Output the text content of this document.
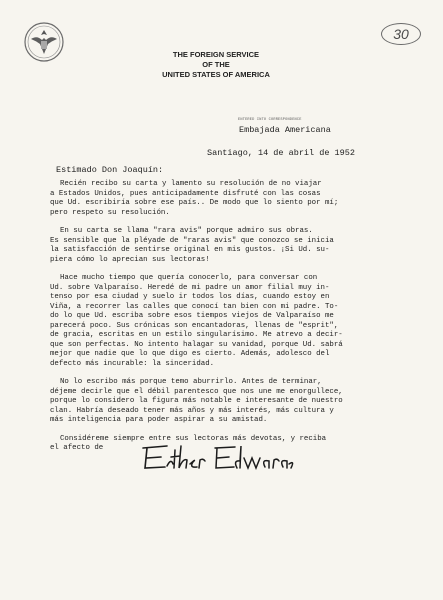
30
THE FOREIGN SERVICE
OF THE
UNITED STATES OF AMERICA
ENTERED INTO CORRESPONDENCE
Embajada Americana
Santiago, 14 de abril de 1952
Estimado Don Joaquín:

Recién recibo su carta y lamento su resolución de no viajar
a Estados Unidos, pues anticipadamente disfruté con las cosas
que Ud. escribiría sobre ese país.. De modo que lo siento por mí;
pero respeto su resolución.

En su carta se llama "rara avis" porque admiro sus obras.
Es sensible que la pléyade de "raras avis" que conozco se inicia
la satisfacción de sentirse original en mis gustos. ¡Si Ud. su-
piera cómo lo aprecian sus lectoras!

Hace mucho tiempo que quería conocerlo, para conversar con
Ud. sobre Valparaíso. Heredé de mi padre un amor filial muy in-
tenso por esa ciudad y suelo ir todos los días, cuando estoy en
Viña, a recorrer las calles que conocí tan bien con mi padre. To-
do lo que Ud. escriba sobre esos tiempos viejos de Valparaíso me
parecerá poco. Sus crónicas son encantadoras, llenas de "esprit",
de gracia, escritas en un estilo singularísimo. Me atrevo a decir-
que son perfectas. No intento halagar su vanidad, porque Ud. sabrá
mejor que nadie que lo que digo es cierto. Además, adolesco del
defecto más incurable: la sinceridad.

No lo escribo más porque temo aburrirlo. Antes de terminar,
déjeme decirle que el débil parentesco que nos une me enorgullece,
porque lo considero la figura más notable e interesante de nuestro
clan. Habría deseado tener más años y más interés, más cultura y
más inteligencia para poder aspirar a su amistad.

Considéreme siempre entre sus lectoras más devotas, y reciba
el afecto de
